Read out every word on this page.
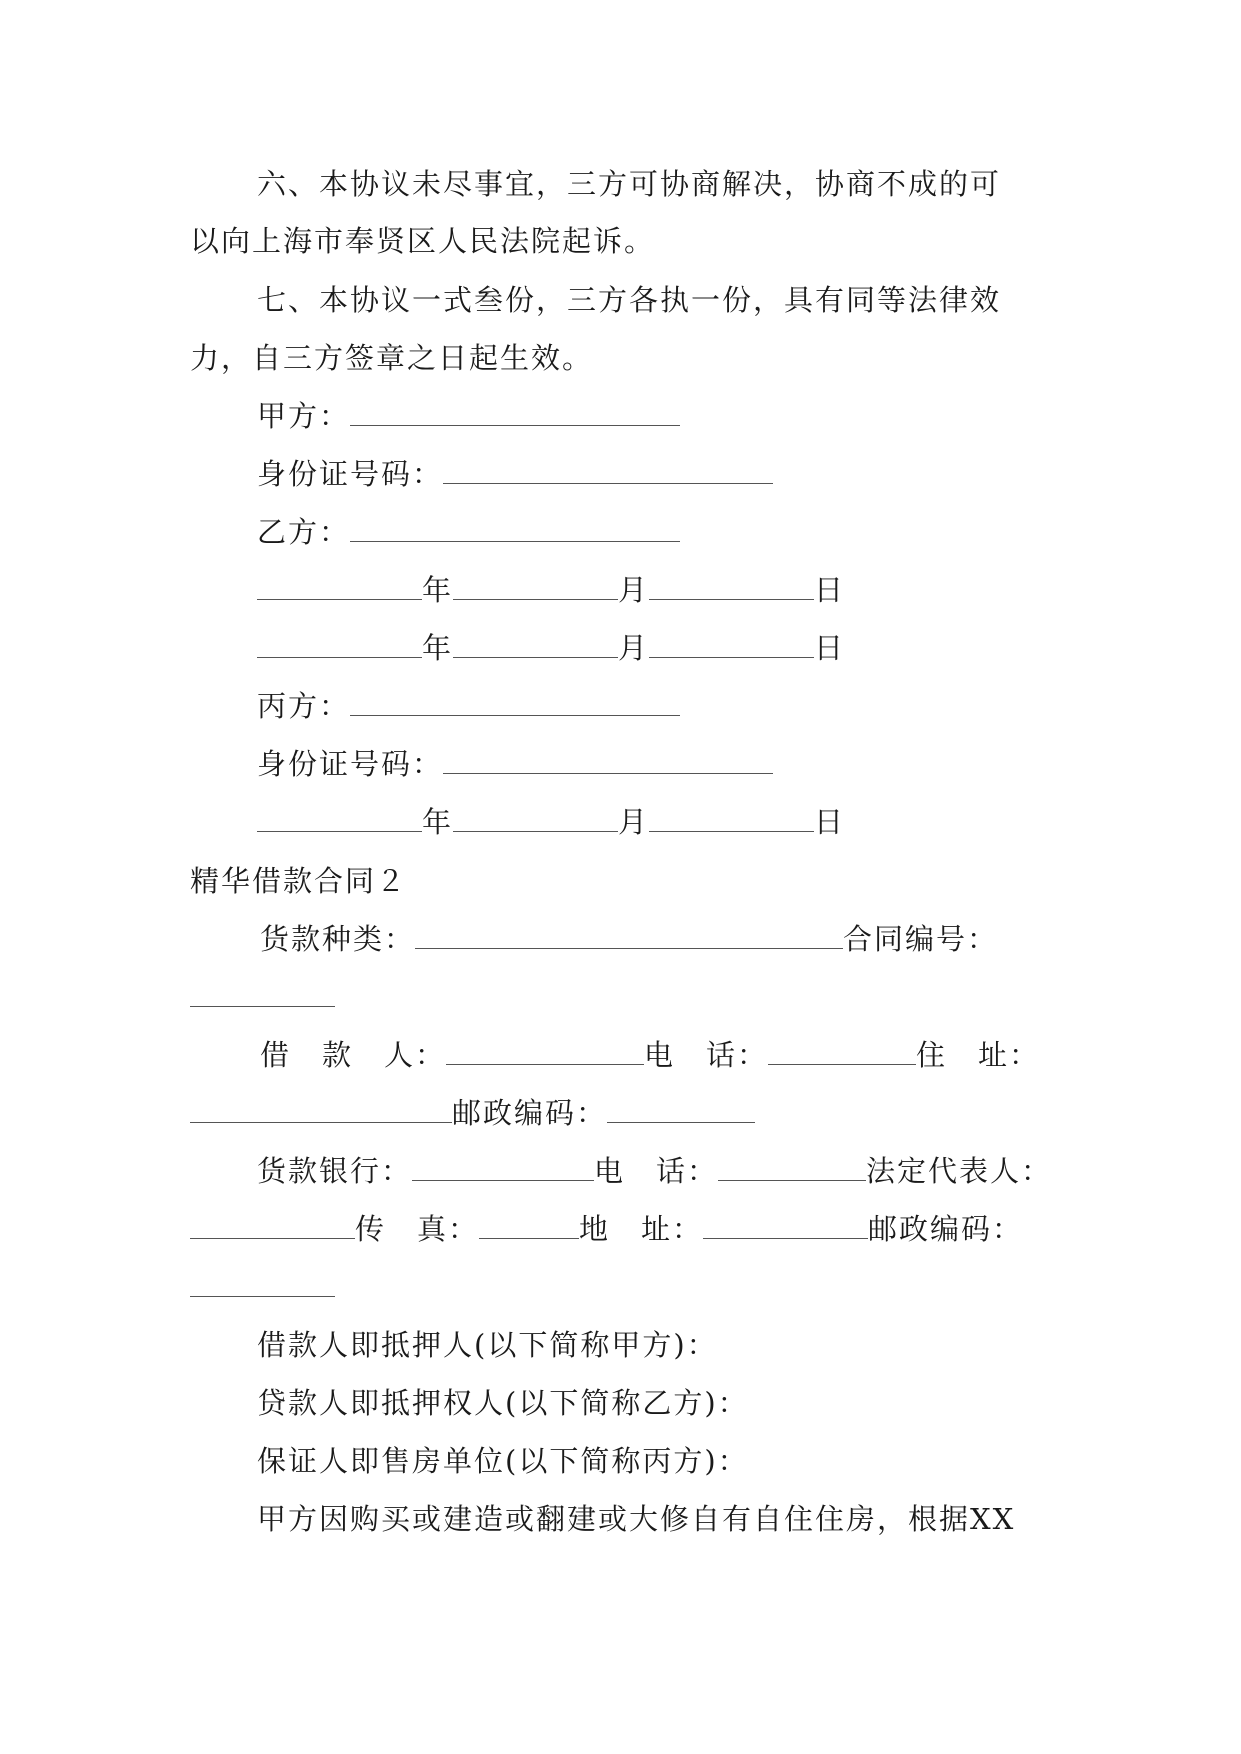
六、本协议未尽事宜，三方可协商解决，协商不成的可
以向上海市奉贤区人民法院起诉。
七、本协议一式叁份，三方各执一份，具有同等法律效
力，自三方签章之日起生效。
甲方：
身份证号码：
乙方：
年	月	日
年	月	日
丙方：
身份证号码：
年	月	日
精华借款合同２
货款种类：	合同编号：
借　款　人：	电　话：	住　址：
邮政编码：
货款银行：	电　话：	法定代表人：
传　真：	地　址：	邮政编码：
借款人即抵押人(以下简称甲方)：
贷款人即抵押权人(以下简称乙方)：
保证人即售房单位(以下简称丙方)：
甲方因购买或建造或翻建或大修自有自住住房，根据XX
